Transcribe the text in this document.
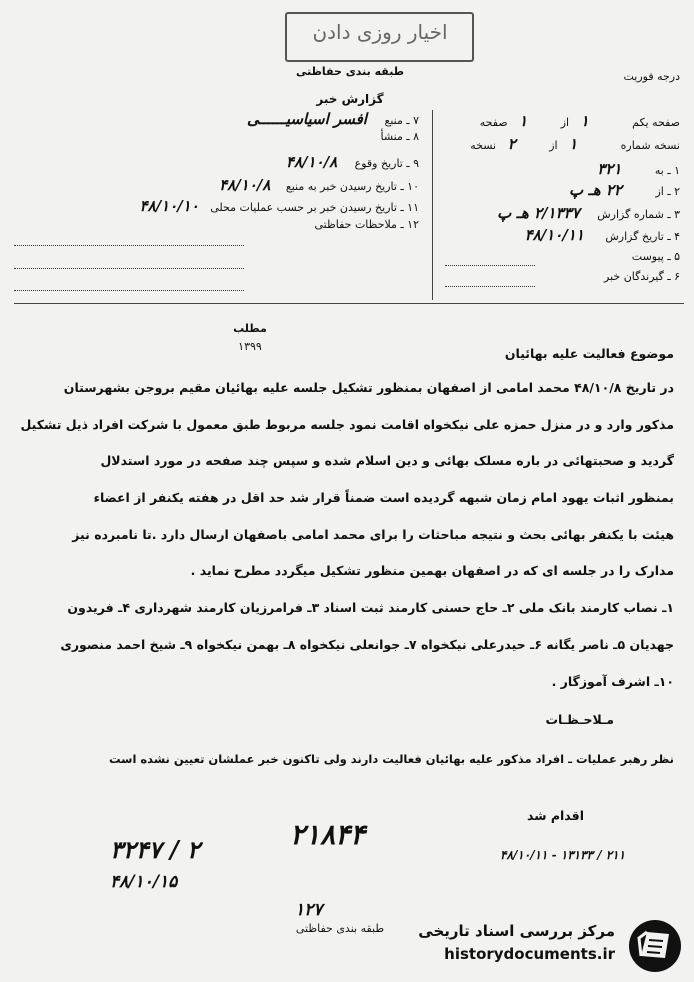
اخیار روزی دادن
طبقه بندی حفاظتی
گزارش خبر
درجه فوریت
صفحه یکم ۱ از ۱ صفحه
نسخه شماره ۱ از ۲ نسخه
۱ ـ به ۳۲۱
۲ ـ از ۲۲ هـ پ
۳ ـ شماره گزارش ۲/۱۳۳۷ هـ پ
۴ ـ تاریخ گزارش ۴۸/۱۰/۱۱
۵ ـ پیوست
۶ ـ گیرندگان خبر
۷ ـ منبع افسر اسیاسیــــــی
۸ ـ منشأ
۹ ـ تاریخ وقوع ۴۸/۱۰/۸
۱۰ ـ تاریخ رسیدن خبر به منبع ۴۸/۱۰/۸
۱۱ ـ تاریخ رسیدن خبر بر حسب عملیات محلی ۴۸/۱۰/۱۰
۱۲ ـ ملاحظات حفاظتی
مطلب
۱۳۹۹	موضوع فعالیت علیه بهائیان
در تاریخ ۴۸/۱۰/۸ محمد امامی از اصفهان بمنظور تشکیل جلسه علیه بهائیان مقیم بروجن بشهرستان
مذکور وارد و در منزل حمزه علی نیکخواه اقامت نمود جلسه مربوط طبق معمول با شرکت افراد ذیل تشکیل
گردید و صحبتهائی در باره مسلک بهائی و دین اسلام شده و سپس چند صفحه در مورد استدلال
بمنظور اثبات یهود امام زمان شبهه گردیده است ضمناً قرار شد حد اقل در هفته یکنفر از اعضاء
هیئت با یکنفر بهائی بحث و نتیجه مباحثات را برای محمد امامی باصفهان ارسال دارد .تا نامبرده نیز
مدارک را در جلسه ای که در اصفهان بهمین منظور تشکیل میگردد مطرح نماید .
۱ـ نصاب کارمند بانک ملی ۲ـ حاج حسنی کارمند ثبت اسناد ۳ـ فرامرزیان کارمند شهرداری ۴ـ فریدون
جهدیان ۵ـ ناصر یگانه ۶ـ حیدرعلی نیکخواه ۷ـ جوانعلی نیکخواه ۸ـ بهمن نیکخواه ۹ـ شیخ احمد منصوری
۱۰ـ اشرف آموزگار .
مـلاحـظـات
نظر رهبر عملیات ـ افراد مذکور علیه بهائیان فعالیت دارند ولی تاکنون خبر عملشان تعیین نشده است
اقدام شد
۳۲۴۷ / ۲
۴۸/۱۰/۱۵
۲۱۸۴۴
۴۸/۱۰/۱۱ - ۱۳۱۳۳ / ۲۱۱
۱۲۷
طبقه بندی حفاظتی	مرکز بررسی اسناد تاریخی
historydocuments.ir
